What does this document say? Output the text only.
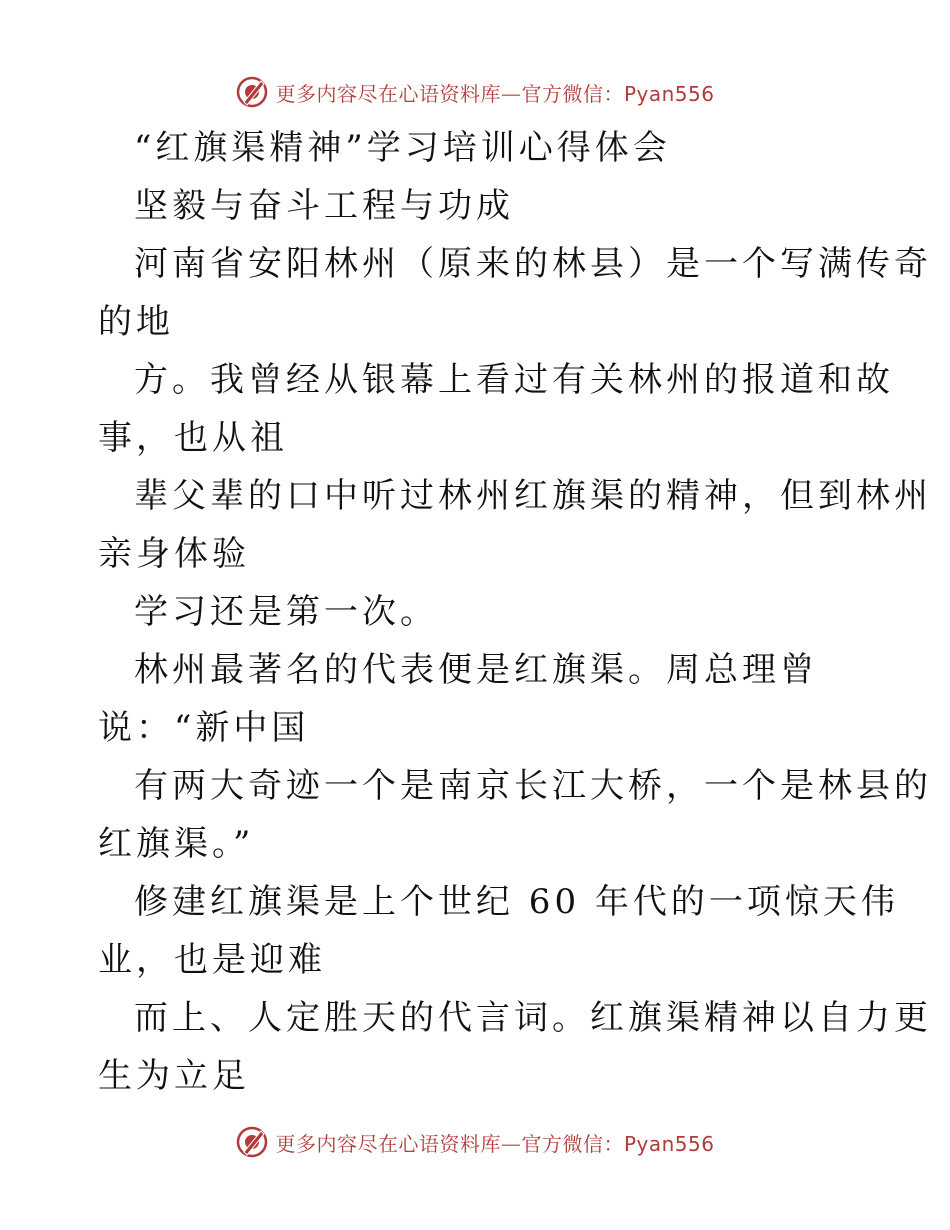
更多内容尽在心语资料库—官方微信：Pyan556
“红旗渠精神”学习培训心得体会
坚毅与奋斗工程与功成
河南省安阳林州（原来的林县）是一个写满传奇
的地
方。我曾经从银幕上看过有关林州的报道和故
事，也从祖
辈父辈的口中听过林州红旗渠的精神，但到林州
亲身体验
学习还是第一次。
林州最著名的代表便是红旗渠。周总理曾
说：“新中国
有两大奇迹一个是南京长江大桥，一个是林县的
红旗渠。”
修建红旗渠是上个世纪 60 年代的一项惊天伟
业，也是迎难
而上、人定胜天的代言词。红旗渠精神以自力更
生为立足
更多内容尽在心语资料库—官方微信：Pyan556
